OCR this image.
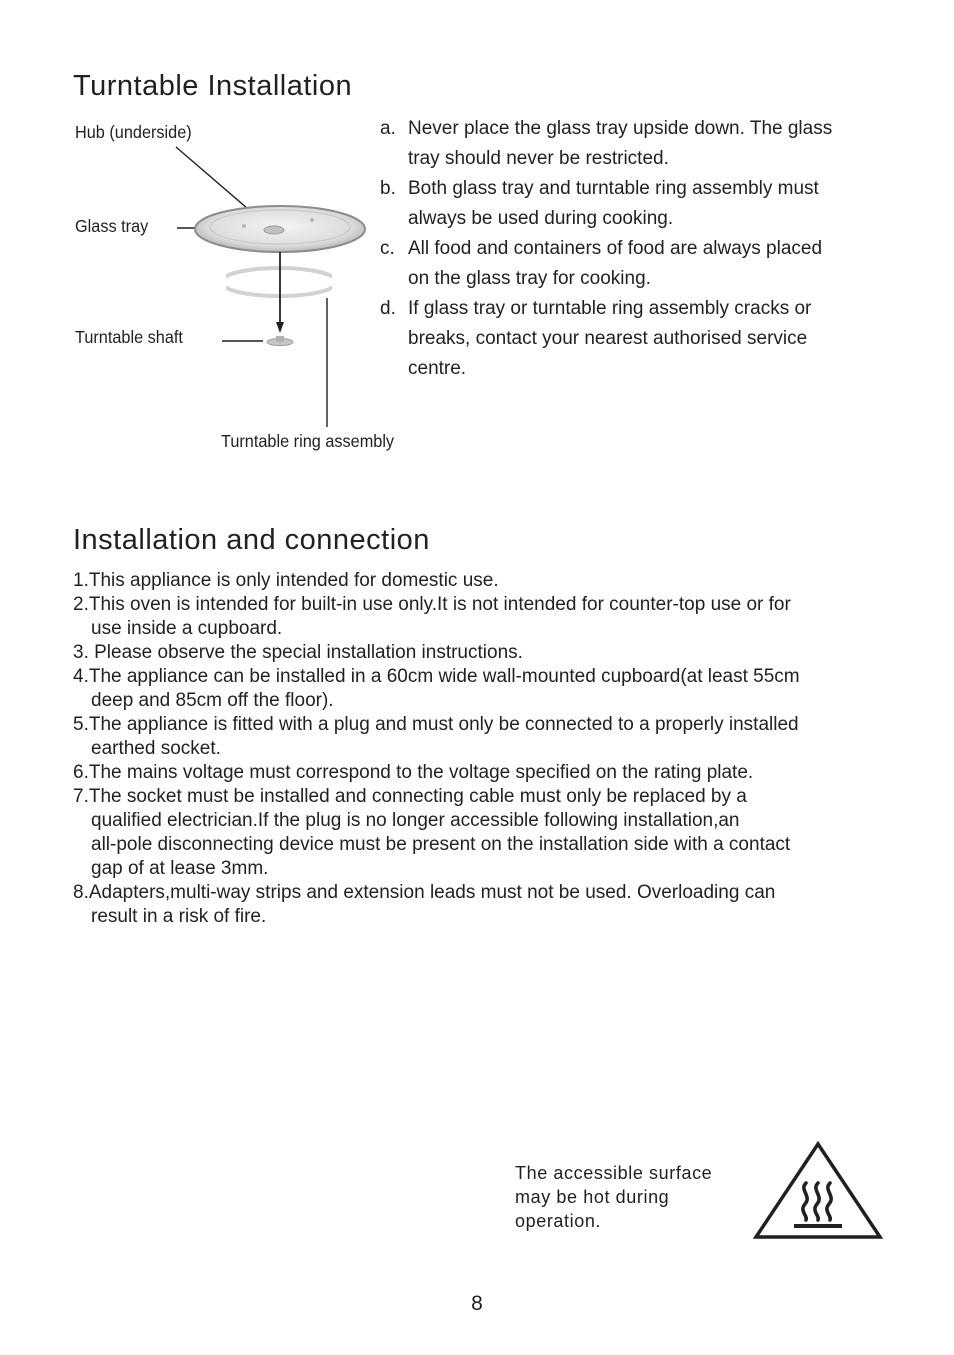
Turntable Installation
Hub (underside)
Glass tray
Turntable shaft
Turntable ring assembly
a. Never place the glass tray upside down. The glass
tray should never be restricted.
b. Both glass tray and turntable ring assembly must
always be used during cooking.
c. All food and containers of food are always placed
on the glass tray for cooking.
d. If glass tray or turntable ring assembly cracks or
breaks, contact your nearest authorised service
centre.
Installation and connection
1.This appliance is only intended for domestic use.
2.This oven is intended for built-in use only.It is not intended for counter-top use or for
use inside a cupboard.
3. Please observe the special installation instructions.
4.The appliance can be installed in a 60cm wide wall-mounted cupboard(at least 55cm
deep and 85cm off the floor).
5.The appliance is fitted with a plug and must only be connected to a properly installed
earthed socket.
6.The mains voltage must correspond to the voltage specified on the rating plate.
7.The socket must be installed and connecting cable must only be replaced by a
qualified electrician.If the plug is no longer accessible following installation,an
all-pole disconnecting device must be present on the installation side with a contact
gap of at lease 3mm.
8.Adapters,multi-way strips and extension leads must not be used. Overloading can
result in a risk of fire.
The accessible surface
may be hot during
operation.
8
